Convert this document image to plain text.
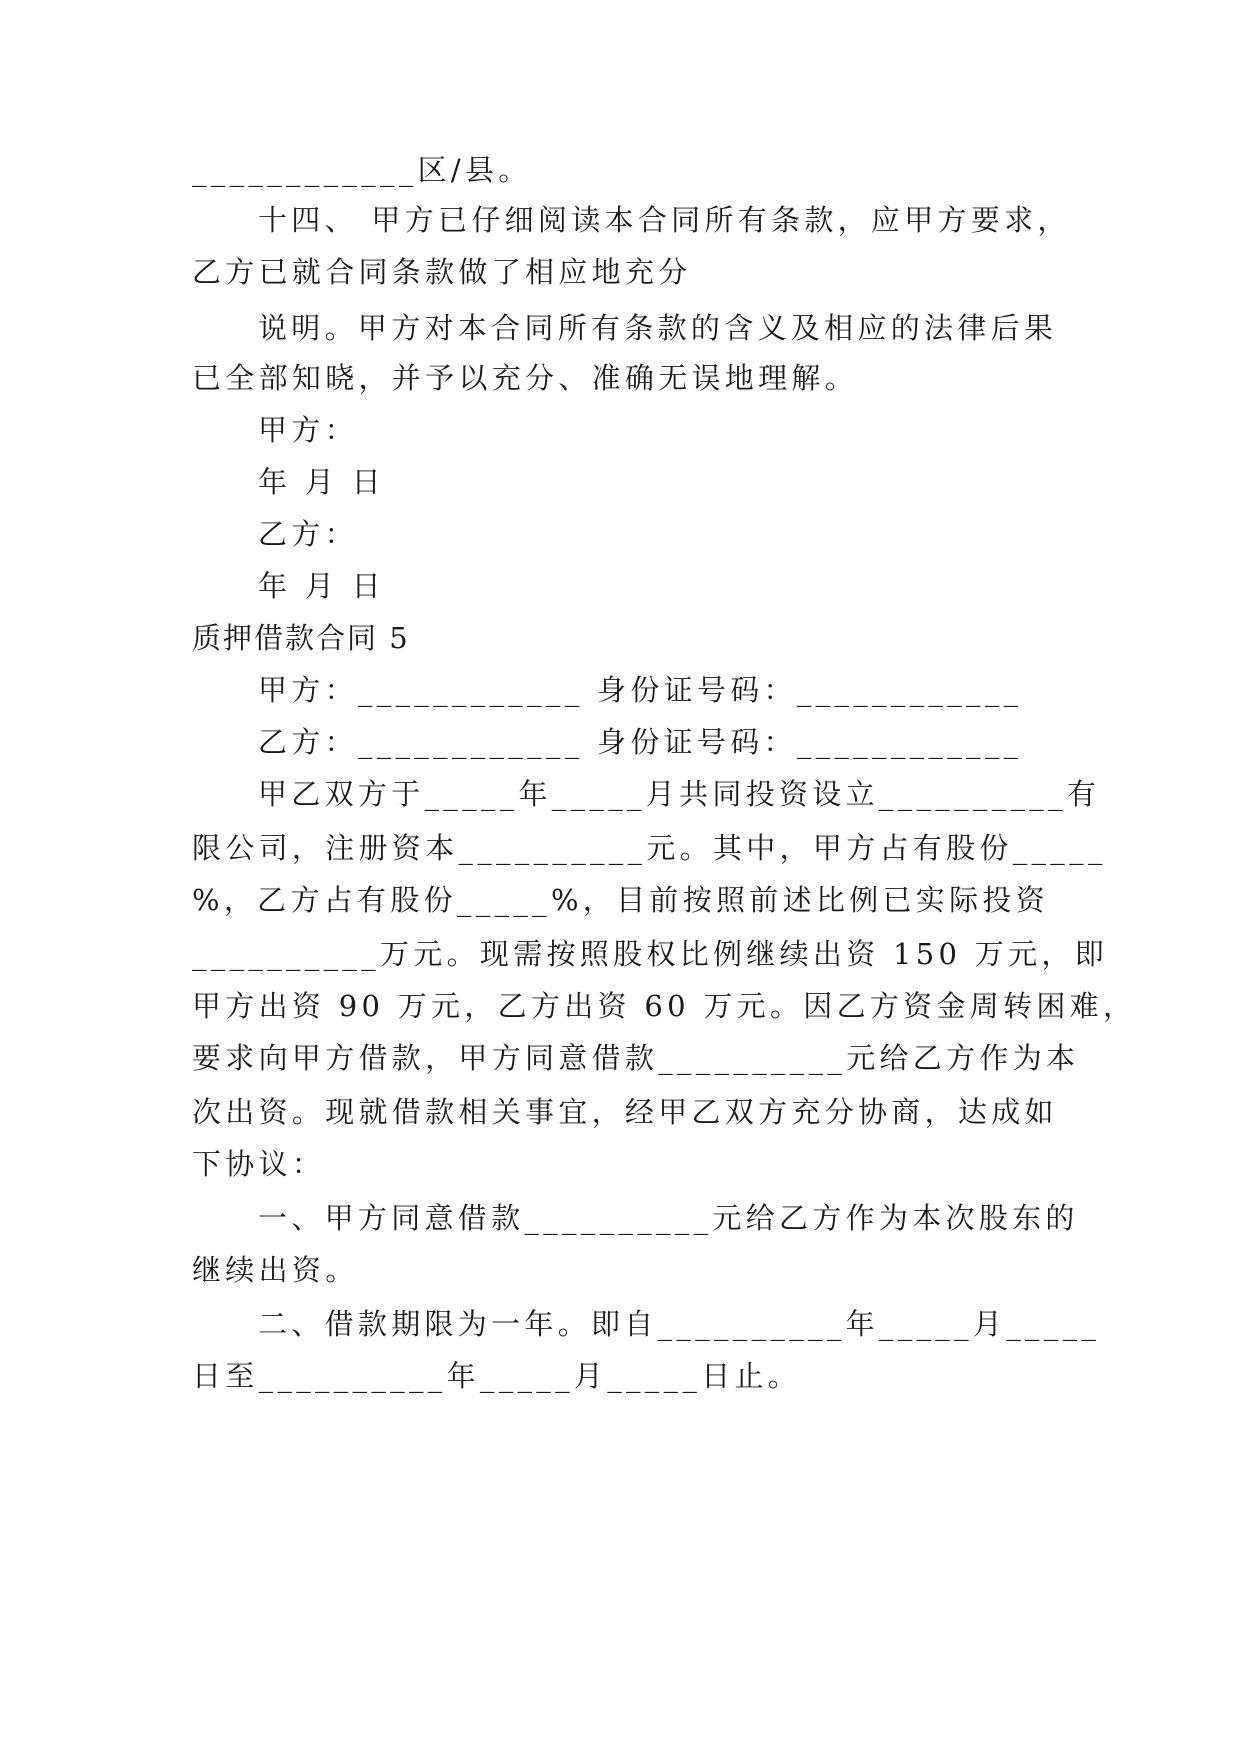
____________区/县。
十四、 甲方已仔细阅读本合同所有条款，应甲方要求，
乙方已就合同条款做了相应地充分
说明。甲方对本合同所有条款的含义及相应的法律后果
已全部知晓，并予以充分、准确无误地理解。
甲方：
年 月 日
乙方：
年 月 日
质押借款合同 5
甲方：____________ 身份证号码：____________
乙方：____________ 身份证号码：____________
甲乙双方于_____年_____月共同投资设立__________有
限公司，注册资本__________元。其中，甲方占有股份_____
%，乙方占有股份_____%，目前按照前述比例已实际投资
__________万元。现需按照股权比例继续出资 150 万元，即
甲方出资 90 万元，乙方出资 60 万元。因乙方资金周转困难，
要求向甲方借款，甲方同意借款__________元给乙方作为本
次出资。现就借款相关事宜，经甲乙双方充分协商，达成如
下协议：
一、甲方同意借款__________元给乙方作为本次股东的
继续出资。
二、借款期限为一年。即自__________年_____月_____
日至__________年_____月_____日止。
